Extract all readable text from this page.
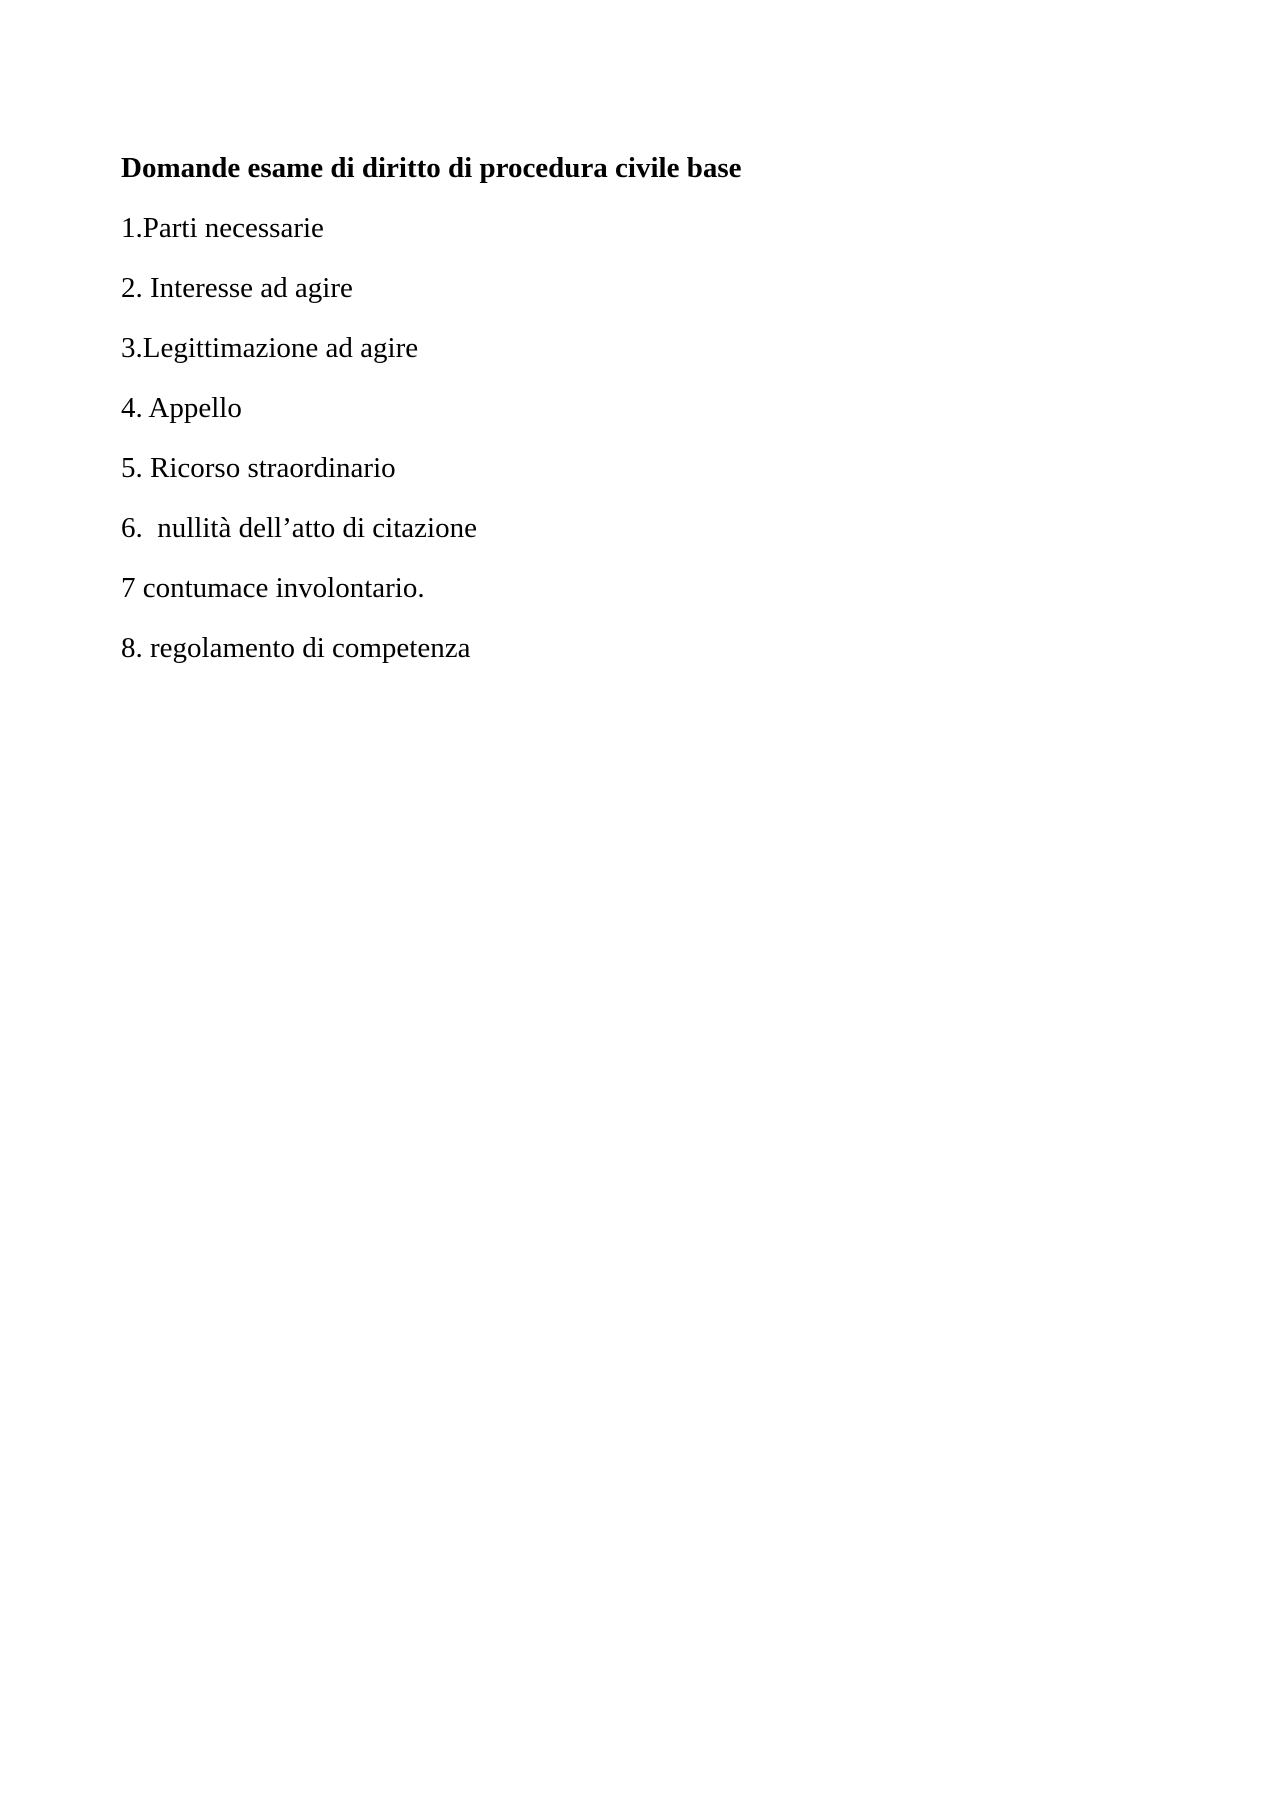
Domande esame di diritto di procedura civile base

1.Parti necessarie
2. Interesse ad agire
3.Legittimazione ad agire
4. Appello
5. Ricorso straordinario
6.  nullità dell’atto di citazione
7 contumace involontario.
8. regolamento di competenza
